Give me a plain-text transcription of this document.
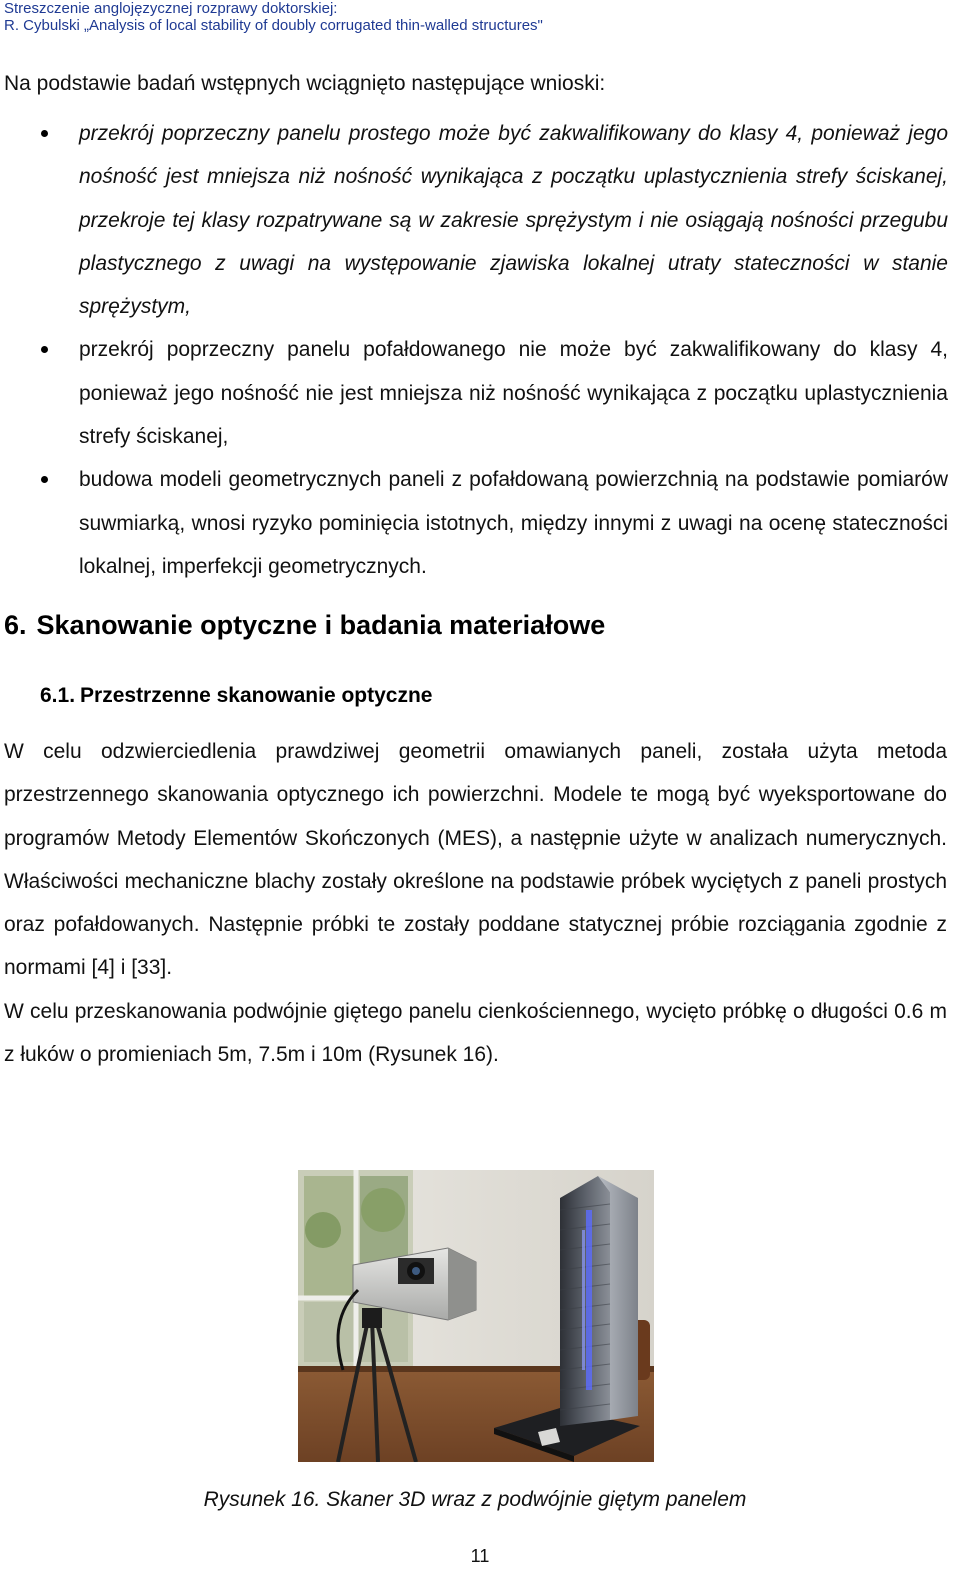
Streszczenie anglojęzycznej rozprawy doktorskiej:
R. Cybulski „Analysis of local stability of doubly corrugated thin-walled structures"
Na podstawie badań wstępnych wciągnięto następujące wnioski:
przekrój poprzeczny panelu prostego może być zakwalifikowany do klasy 4, ponieważ jego nośność jest mniejsza niż nośność wynikająca z początku uplastycznienia strefy ściskanej, przekroje tej klasy rozpatrywane są w zakresie sprężystym i nie osiągają nośności przegubu plastycznego z uwagi na występowanie zjawiska lokalnej utraty stateczności w stanie sprężystym,
przekrój poprzeczny panelu pofałdowanego nie może być zakwalifikowany do klasy 4, ponieważ jego nośność nie jest mniejsza niż nośność wynikająca z początku uplastycznienia strefy ściskanej,
budowa modeli geometrycznych paneli z pofałdowaną powierzchnią na podstawie pomiarów suwmiarką, wnosi ryzyko pominięcia istotnych, między innymi z uwagi na ocenę stateczności lokalnej, imperfekcji geometrycznych.
6. Skanowanie optyczne i badania materiałowe
6.1. Przestrzenne skanowanie optyczne

W celu odzwierciedlenia prawdziwej geometrii omawianych paneli, została użyta metoda przestrzennego skanowania optycznego ich powierzchni. Modele te mogą być wyeksportowane do programów Metody Elementów Skończonych (MES), a następnie użyte w analizach numerycznych. Właściwości mechaniczne blachy zostały określone na podstawie próbek wyciętych z paneli prostych oraz pofałdowanych. Następnie próbki te zostały poddane statycznej próbie rozciągania zgodnie z normami [4] i [33].

W celu przeskanowania podwójnie giętego panelu cienkościennego, wycięto próbkę o długości 0.6 m z łuków o promieniach 5m, 7.5m i 10m (Rysunek 16).

Rysunek 16. Skaner 3D wraz z podwójnie giętym panelem
11
